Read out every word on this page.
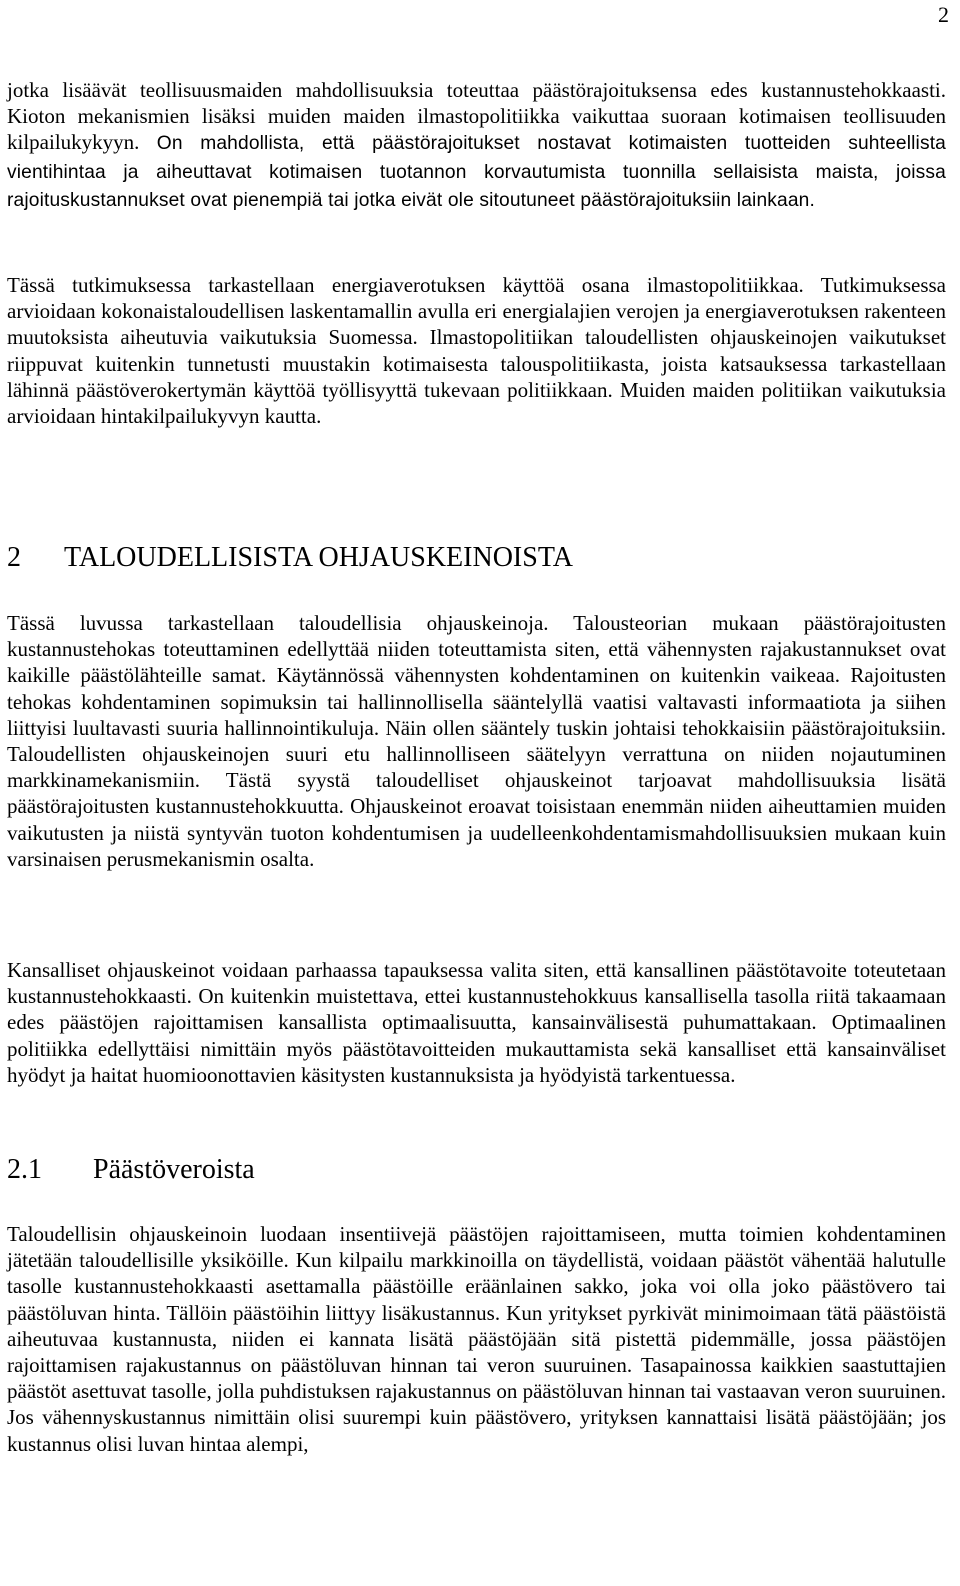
2

jotka lisäävät teollisuusmaiden mahdollisuuksia toteuttaa päästörajoituksensa edes kustannustehokkaasti. Kioton mekanismien lisäksi muiden maiden ilmastopolitiikka vaikuttaa suoraan kotimaisen teollisuuden kilpailukykyyn. On mahdollista, että päästörajoitukset nostavat kotimaisten tuotteiden suhteellista vientihintaa ja aiheuttavat kotimaisen tuotannon korvautumista tuonnilla sellaisista maista, joissa rajoituskustannukset ovat pienempiä tai jotka eivät ole sitoutuneet päästörajoituksiin lainkaan.

Tässä tutkimuksessa tarkastellaan energiaverotuksen käyttöä osana ilmastopolitiikkaa. Tutkimuksessa arvioidaan kokonaistaloudellisen laskentamallin avulla eri energialajien verojen ja energiaverotuksen rakenteen muutoksista aiheutuvia vaikutuksia Suomessa. Ilmastopolitiikan taloudellisten ohjauskeinojen vaikutukset riippuvat kuitenkin tunnetusti muustakin kotimaisesta talouspolitiikasta, joista katsauksessa tarkastellaan lähinnä päästöverokertymän käyttöä työllisyyttä tukevaan politiikkaan. Muiden maiden politiikan vaikutuksia arvioidaan hintakilpailukyvyn kautta.

2 TALOUDELLISISTA OHJAUSKEINOISTA

Tässä luvussa tarkastellaan taloudellisia ohjauskeinoja. Talousteorian mukaan päästörajoitusten kustannustehokas toteuttaminen edellyttää niiden toteuttamista siten, että vähennysten rajakustannukset ovat kaikille päästölähteille samat. Käytännössä vähennysten kohdentaminen on kuitenkin vaikeaa. Rajoitusten tehokas kohdentaminen sopimuksin tai hallinnollisella sääntelyllä vaatisi valtavasti informaatiota ja siihen liittyisi luultavasti suuria hallinnointikuluja. Näin ollen sääntely tuskin johtaisi tehokkaisiin päästörajoituksiin. Taloudellisten ohjauskeinojen suuri etu hallinnolliseen säätelyyn verrattuna on niiden nojautuminen markkinamekanismiin. Tästä syystä taloudelliset ohjauskeinot tarjoavat mahdollisuuksia lisätä päästörajoitusten kustannustehokkuutta. Ohjauskeinot eroavat toisistaan enemmän niiden aiheuttamien muiden vaikutusten ja niistä syntyvän tuoton kohdentumisen ja uudelleenkohdentamismahdollisuuksien mukaan kuin varsinaisen perusmekanismin osalta.

Kansalliset ohjauskeinot voidaan parhaassa tapauksessa valita siten, että kansallinen päästötavoite toteutetaan kustannustehokkaasti. On kuitenkin muistettava, ettei kustannustehokkuus kansallisella tasolla riitä takaamaan edes päästöjen rajoittamisen kansallista optimaalisuutta, kansainvälisestä puhumattakaan. Optimaalinen politiikka edellyttäisi nimittäin myös päästötavoitteiden mukauttamista sekä kansalliset että kansainväliset hyödyt ja haitat huomioonottavien käsitysten kustannuksista ja hyödyistä tarkentuessa.

2.1 Päästöveroista

Taloudellisin ohjauskeinoin luodaan insentiivejä päästöjen rajoittamiseen, mutta toimien kohdentaminen jätetään taloudellisille yksiköille. Kun kilpailu markkinoilla on täydellistä, voidaan päästöt vähentää halutulle tasolle kustannustehokkaasti asettamalla päästöille eräänlainen sakko, joka voi olla joko päästövero tai päästöluvan hinta. Tällöin päästöihin liittyy lisäkustannus. Kun yritykset pyrkivät minimoimaan tätä päästöistä aiheutuvaa kustannusta, niiden ei kannata lisätä päästöjään sitä pistettä pidemmälle, jossa päästöjen rajoittamisen rajakustannus on päästöluvan hinnan tai veron suuruinen. Tasapainossa kaikkien saastuttajien päästöt asettuvat tasolle, jolla puhdistuksen rajakustannus on päästöluvan hinnan tai vastaavan veron suuruinen. Jos vähennyskustannus nimittäin olisi suurempi kuin päästövero, yrityksen kannattaisi lisätä päästöjään; jos kustannus olisi luvan hintaa alempi,
